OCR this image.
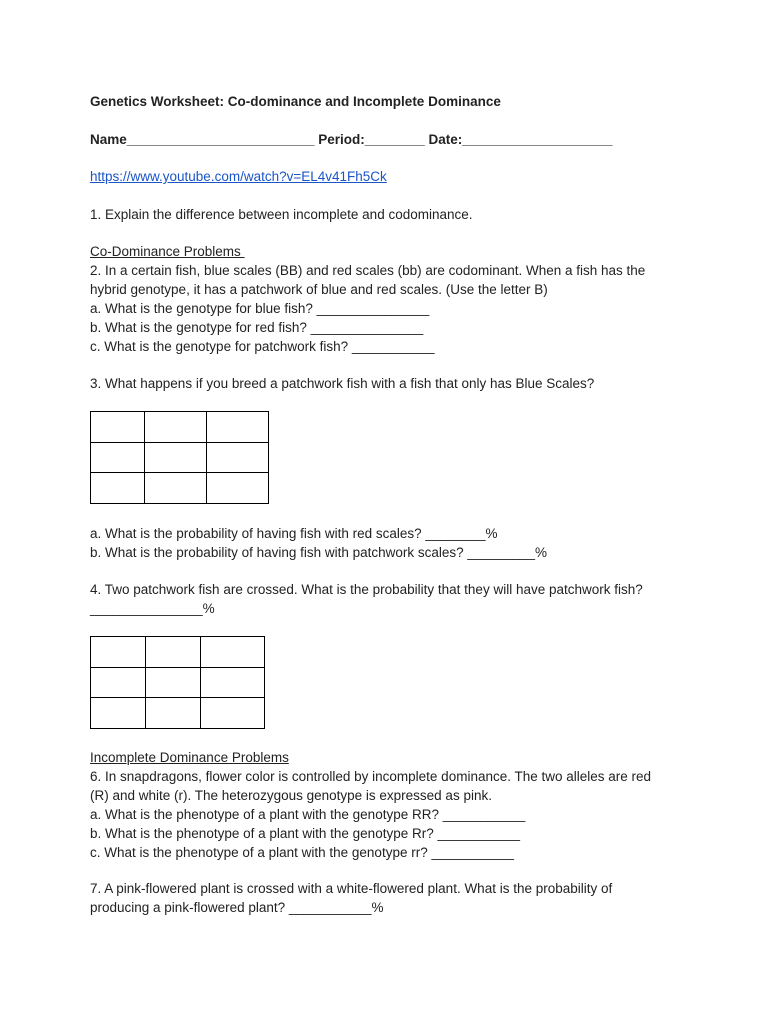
Genetics Worksheet: Co-dominance and Incomplete Dominance
Name_________________________ Period:________ Date:____________________
https://www.youtube.com/watch?v=EL4v41Fh5Ck
1. Explain the difference between incomplete and codominance.
Co-Dominance Problems
2. In a certain fish, blue scales (BB) and red scales (bb) are codominant. When a fish has the
hybrid genotype, it has a patchwork of blue and red scales. (Use the letter B)
a. What is the genotype for blue fish? _______________
b. What is the genotype for red fish? _______________
c. What is the genotype for patchwork fish? ___________
3. What happens if you breed a patchwork fish with a fish that only has Blue Scales?

a. What is the probability of having fish with red scales? ________%
b. What is the probability of having fish with patchwork scales? _________%
4. Two patchwork fish are crossed. What is the probability that they will have patchwork fish?
_______________%

Incomplete Dominance Problems
6. In snapdragons, flower color is controlled by incomplete dominance. The two alleles are red
(R) and white (r). The heterozygous genotype is expressed as pink.
a. What is the phenotype of a plant with the genotype RR? ___________
b. What is the phenotype of a plant with the genotype Rr? ___________
c. What is the phenotype of a plant with the genotype rr? ___________
7. A pink-flowered plant is crossed with a white-flowered plant. What is the probability of
producing a pink-flowered plant? ___________%
